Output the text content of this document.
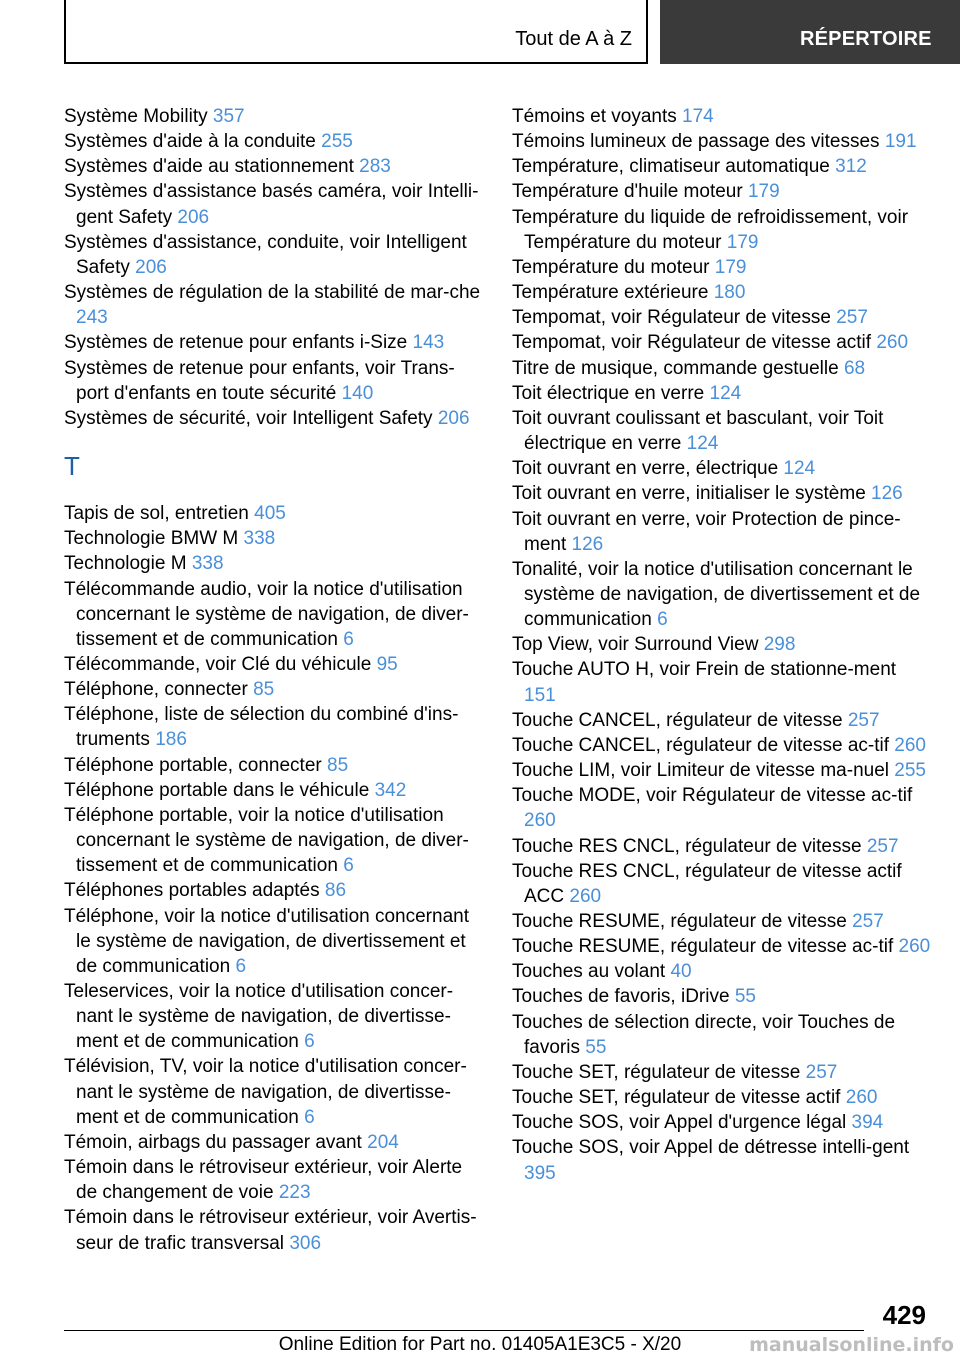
Tout de A à Z	RÉPERTOIRE

Système Mobility 357

Systèmes d'aide à la conduite 255

Systèmes d'aide au stationnement 283

Systèmes d'assistance basés caméra, voir Intelli‐gent Safety 206

Systèmes d'assistance, conduite, voir Intelligent Safety 206

Systèmes de régulation de la stabilité de mar‐che 243

Systèmes de retenue pour enfants i-Size 143

Systèmes de retenue pour enfants, voir Trans‐port d'enfants en toute sécurité 140

Systèmes de sécurité, voir Intelligent Safety 206

T

Tapis de sol, entretien 405

Technologie BMW M 338

Technologie M 338

Télécommande audio, voir la notice d'utilisation concernant le système de navigation, de diver‐tissement et de communication 6

Télécommande, voir Clé du véhicule 95

Téléphone, connecter 85

Téléphone, liste de sélection du combiné d'ins‐truments 186

Téléphone portable, connecter 85

Téléphone portable dans le véhicule 342

Téléphone portable, voir la notice d'utilisation concernant le système de navigation, de diver‐tissement et de communication 6

Téléphones portables adaptés 86

Téléphone, voir la notice d'utilisation concernant le système de navigation, de divertissement et de communication 6

Teleservices, voir la notice d'utilisation concer‐nant le système de navigation, de divertisse‐ment et de communication 6

Télévision, TV, voir la notice d'utilisation concer‐nant le système de navigation, de divertisse‐ment et de communication 6

Témoin, airbags du passager avant 204

Témoin dans le rétroviseur extérieur, voir Alerte de changement de voie 223

Témoin dans le rétroviseur extérieur, voir Avertis‐seur de trafic transversal 306

Témoins et voyants 174

Témoins lumineux de passage des vitesses 191

Température, climatiseur automatique 312

Température d'huile moteur 179

Température du liquide de refroidissement, voir Température du moteur 179

Température du moteur 179

Température extérieure 180

Tempomat, voir Régulateur de vitesse 257

Tempomat, voir Régulateur de vitesse actif 260

Titre de musique, commande gestuelle 68

Toit électrique en verre 124

Toit ouvrant coulissant et basculant, voir Toit électrique en verre 124

Toit ouvrant en verre, électrique 124

Toit ouvrant en verre, initialiser le système 126

Toit ouvrant en verre, voir Protection de pince‐ment 126

Tonalité, voir la notice d'utilisation concernant le système de navigation, de divertissement et de communication 6

Top View, voir Surround View 298

Touche AUTO H, voir Frein de stationne‐ment 151

Touche CANCEL, régulateur de vitesse 257

Touche CANCEL, régulateur de vitesse ac‐tif 260

Touche LIM, voir Limiteur de vitesse ma‐nuel 255

Touche MODE, voir Régulateur de vitesse ac‐tif 260

Touche RES CNCL, régulateur de vitesse 257

Touche RES CNCL, régulateur de vitesse actif ACC 260

Touche RESUME, régulateur de vitesse 257

Touche RESUME, régulateur de vitesse ac‐tif 260

Touches au volant 40

Touches de favoris, iDrive 55

Touches de sélection directe, voir Touches de favoris 55

Touche SET, régulateur de vitesse 257

Touche SET, régulateur de vitesse actif 260

Touche SOS, voir Appel d'urgence légal 394

Touche SOS, voir Appel de détresse intelli‐gent 395

429
Online Edition for Part no. 01405A1E3C5 - X/20	manualsonline.info
